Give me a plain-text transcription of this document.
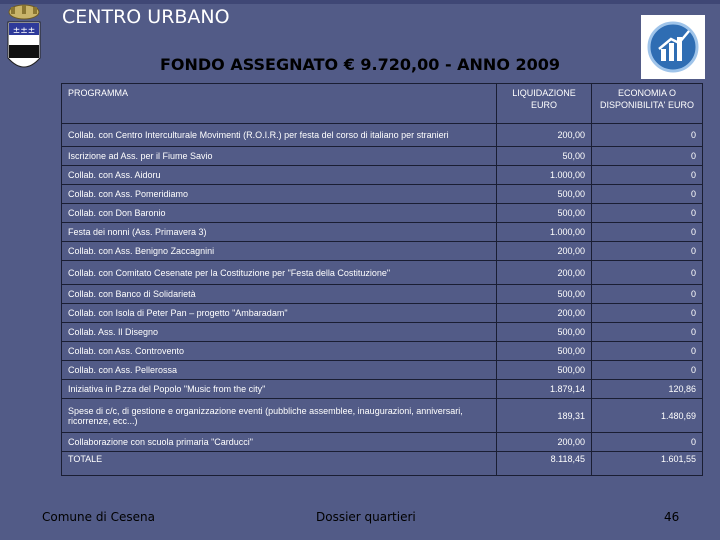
±±±
CENTRO URBANO
FONDO ASSEGNATO € 9.720,00 - ANNO 2009
PROGRAMMA	LIQUIDAZIONE EURO	ECONOMIA O DISPONIBILITA' EURO
Collab. con Centro Interculturale Movimenti (R.O.I.R.) per festa del corso di italiano per stranieri	200,00	0
Iscrizione ad Ass. per il Fiume Savio	50,00	0
Collab. con Ass. Aidoru	1.000,00	0
Collab. con Ass. Pomeridiamo	500,00	0
Collab. con Don Baronio	500,00	0
Festa dei nonni (Ass. Primavera 3)	1.000,00	0
Collab. con Ass. Benigno Zaccagnini	200,00	0
Collab. con Comitato Cesenate per la Costituzione per "Festa della Costituzione"	200,00	0
Collab. con Banco di Solidarietà	500,00	0
Collab. con Isola di Peter Pan – progetto "Ambaradam"	200,00	0
Collab. Ass. Il Disegno	500,00	0
Collab. con Ass. Controvento	500,00	0
Collab. con Ass. Pellerossa	500,00	0
Iniziativa in P.zza del Popolo "Music from the city"	1.879,14	120,86
Spese di c/c, di gestione e organizzazione eventi (pubbliche assemblee, inaugurazioni, anniversari, ricorrenze, ecc...)	189,31	1.480,69
Collaborazione con scuola primaria "Carducci"	200,00	0
TOTALE	8.118,45	1.601,55
Comune di Cesena	Dossier quartieri	46
